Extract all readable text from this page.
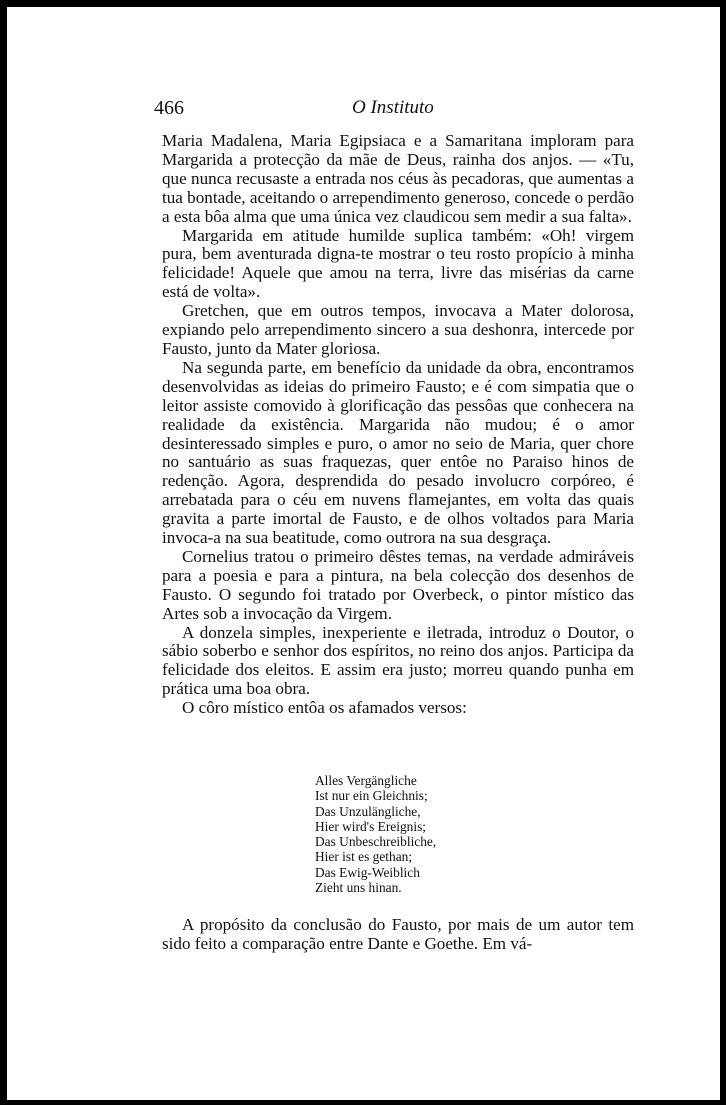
466	O Instituto

Maria Madalena, Maria Egipsiaca e a Samaritana imploram para Margarida a protecção da mãe de Deus, rainha dos anjos. — «Tu, que nunca recusaste a entrada nos céus às pecadoras, que aumentas a tua bontade, aceitando o arrependimento generoso, concede o perdão a esta bôa alma que uma única vez claudicou sem medir a sua falta».

Margarida em atitude humilde suplica também: «Oh! virgem pura, bem aventurada digna-te mostrar o teu rosto propício à minha felicidade! Aquele que amou na terra, livre das misérias da carne está de volta».

Gretchen, que em outros tempos, invocava a Mater dolorosa, expiando pelo arrependimento sincero a sua deshonra, intercede por Fausto, junto da Mater gloriosa.

Na segunda parte, em benefício da unidade da obra, encontramos desenvolvidas as ideias do primeiro Fausto; e é com simpatia que o leitor assiste comovido à glorificação das pessôas que conhecera na realidade da existência. Margarida não mudou; é o amor desinteressado simples e puro, o amor no seio de Maria, quer chore no santuário as suas fraquezas, quer entôe no Paraiso hinos de redenção. Agora, desprendida do pesado involucro corpóreo, é arrebatada para o céu em nuvens flamejantes, em volta das quais gravita a parte imortal de Fausto, e de olhos voltados para Maria invoca-a na sua beatitude, como outrora na sua desgraça.

Cornelius tratou o primeiro dêstes temas, na verdade admiráveis para a poesia e para a pintura, na bela colecção dos desenhos de Fausto. O segundo foi tratado por Overbeck, o pintor místico das Artes sob a invocação da Virgem.

A donzela simples, inexperiente e iletrada, introduz o Doutor, o sábio soberbo e senhor dos espíritos, no reino dos anjos. Participa da felicidade dos eleitos. E assim era justo; morreu quando punha em prática uma boa obra.

O côro místico entôa os afamados versos:

Alles Vergängliche
Ist nur ein Gleichnis;
Das Unzulängliche,
Hier wird's Ereignis;
Das Unbeschreibliche,
Hier ist es gethan;
Das Ewig-Weiblich
Zieht uns hinan.

A propósito da conclusão do Fausto, por mais de um autor tem sido feito a comparação entre Dante e Goethe. Em vá-
